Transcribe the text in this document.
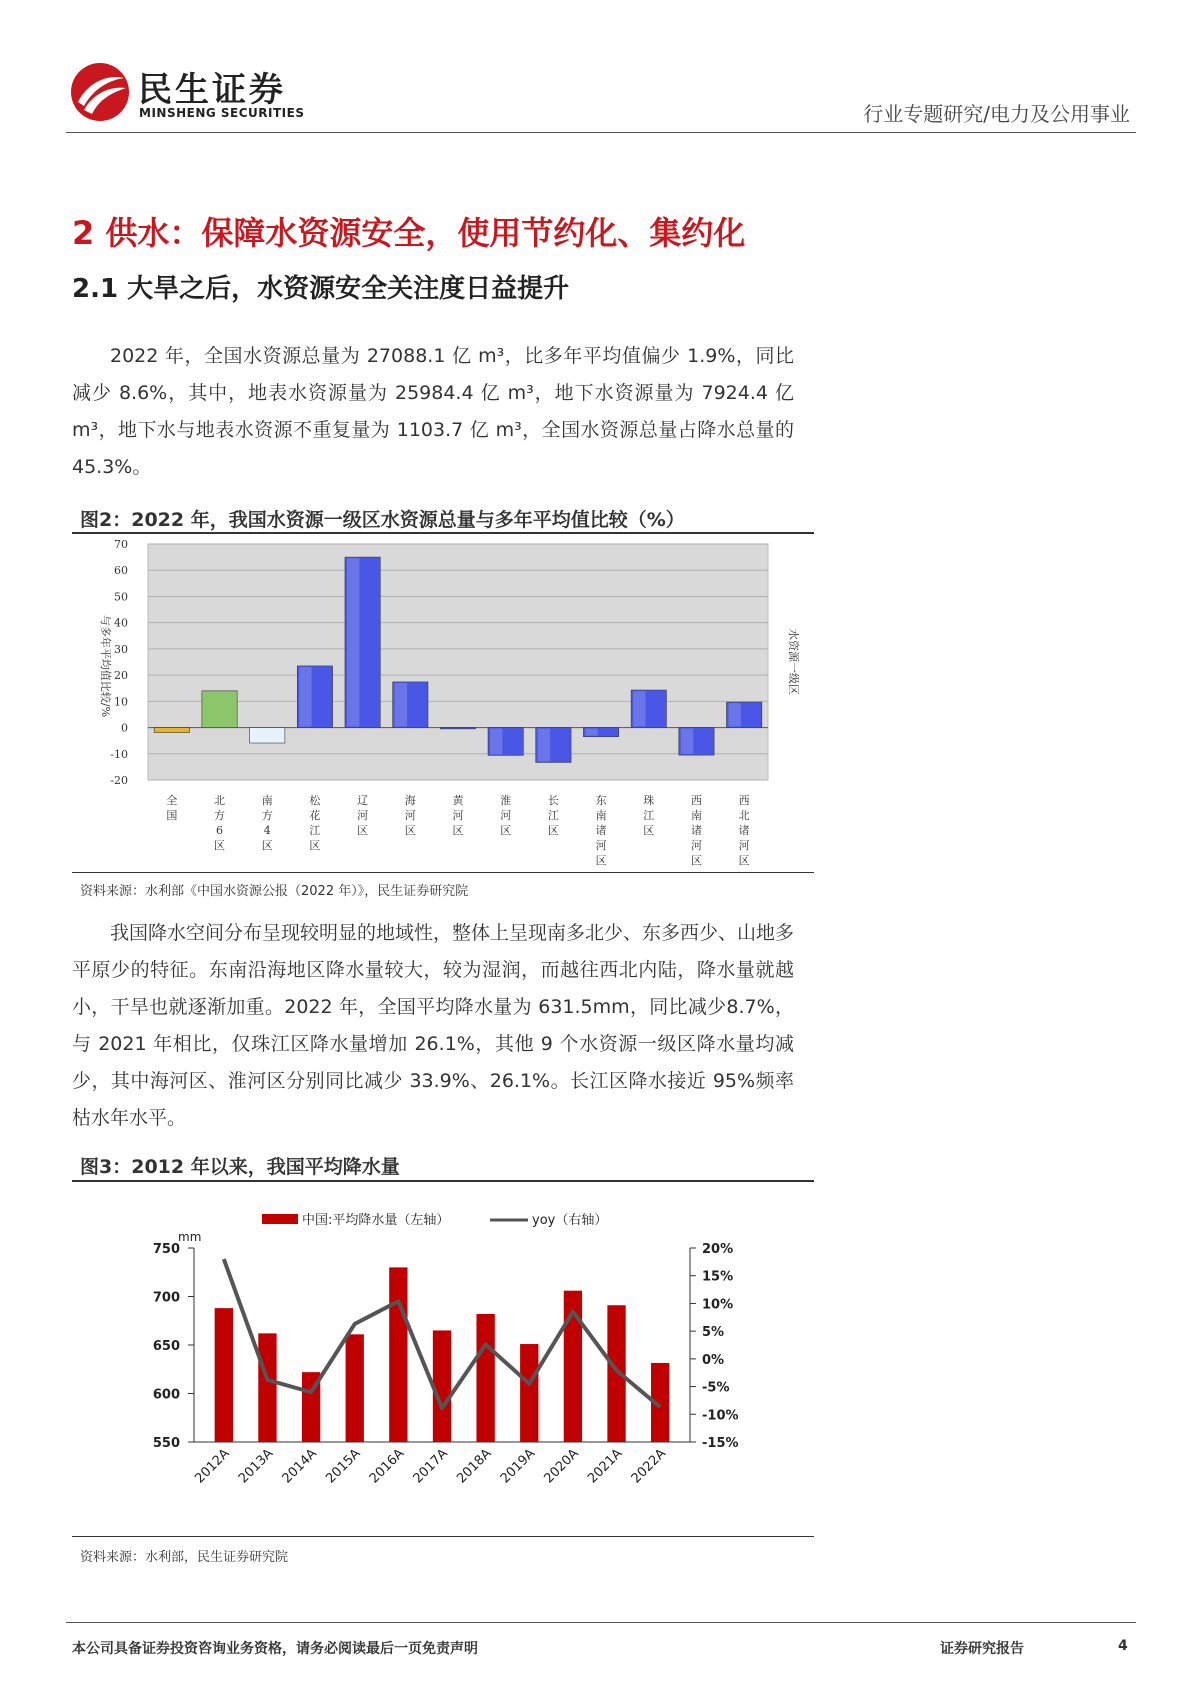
民生证券
MINSHENG SECURITIES	行业专题研究/电力及公用事业
2 供水：保障水资源安全，使用节约化、集约化
2.1 大旱之后，水资源安全关注度日益提升
2022 年，全国水资源总量为 27088.1 亿 m³，比多年平均值偏少 1.9%，同比减少 8.6%，其中，地表水资源量为 25984.4 亿 m³，地下水资源量为 7924.4 亿 m³，地下水与地表水资源不重复量为 1103.7 亿 m³，全国水资源总量占降水总量的 45.3%。
图2：2022 年，我国水资源一级区水资源总量与多年平均值比较（%）
70
60
50
40
30
20
10
0
-10
-20
全
国
北
方
6
区
南
方
4
区
松
花
江
区
辽
河
区
海
河
区
黄
河
区
淮
河
区
长
江
区
东
南
诸
河
区
珠
江
区
西
南
诸
河
区
西
北
诸
河
区
与多年平均值比较/%	水资源一级区
资料来源：水利部《中国水资源公报（2022 年）》，民生证券研究院
我国降水空间分布呈现较明显的地域性，整体上呈现南多北少、东多西少、山地多平原少的特征。东南沿海地区降水量较大，较为湿润，而越往西北内陆，降水量就越小，干旱也就逐渐加重。2022 年，全国平均降水量为 631.5mm，同比减少8.7%，与 2021 年相比，仅珠江区降水量增加 26.1%，其他 9 个水资源一级区降水量均减少，其中海河区、淮河区分别同比减少 33.9%、26.1%。长江区降水接近 95%频率枯水年水平。
图3：2012 年以来，我国平均降水量
中国:平均降水量（左轴）	yoy（右轴）
mm
550
600
650
700
750	20%
15%
10%
5%
0%
-5%
-10%
-15%
2012A 2013A 2014A 2015A 2016A 2017A 2018A 2019A 2020A 2021A 2022A
资料来源：水利部，民生证券研究院
本公司具备证券投资咨询业务资格，请务必阅读最后一页免责声明	证券研究报告	4
